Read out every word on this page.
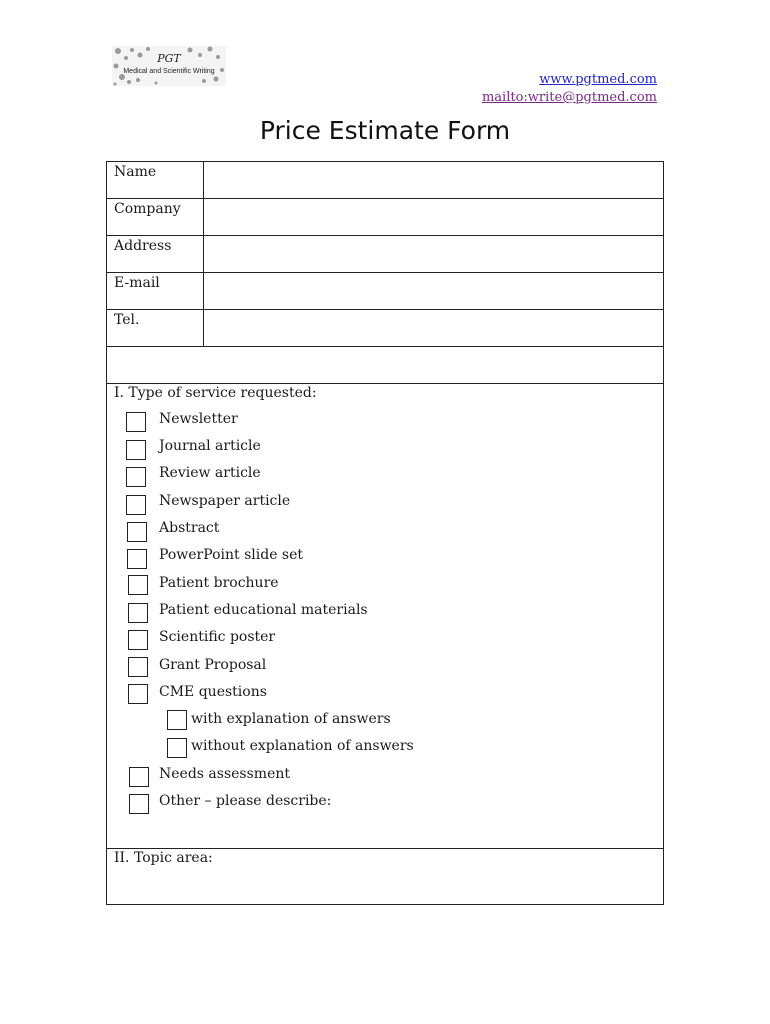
PGT
Medical and Scientific Writing
www.pgtmed.com
mailto:write@pgtmed.com
Price Estimate Form
Name
Company
Address
E-mail
Tel.
I. Type of service requested:
Newsletter
Journal article
Review article
Newspaper article
Abstract
PowerPoint slide set
Patient brochure
Patient educational materials
Scientific poster
Grant Proposal
CME questions
with explanation of answers
without explanation of answers
Needs assessment
Other – please describe:
II. Topic area:
